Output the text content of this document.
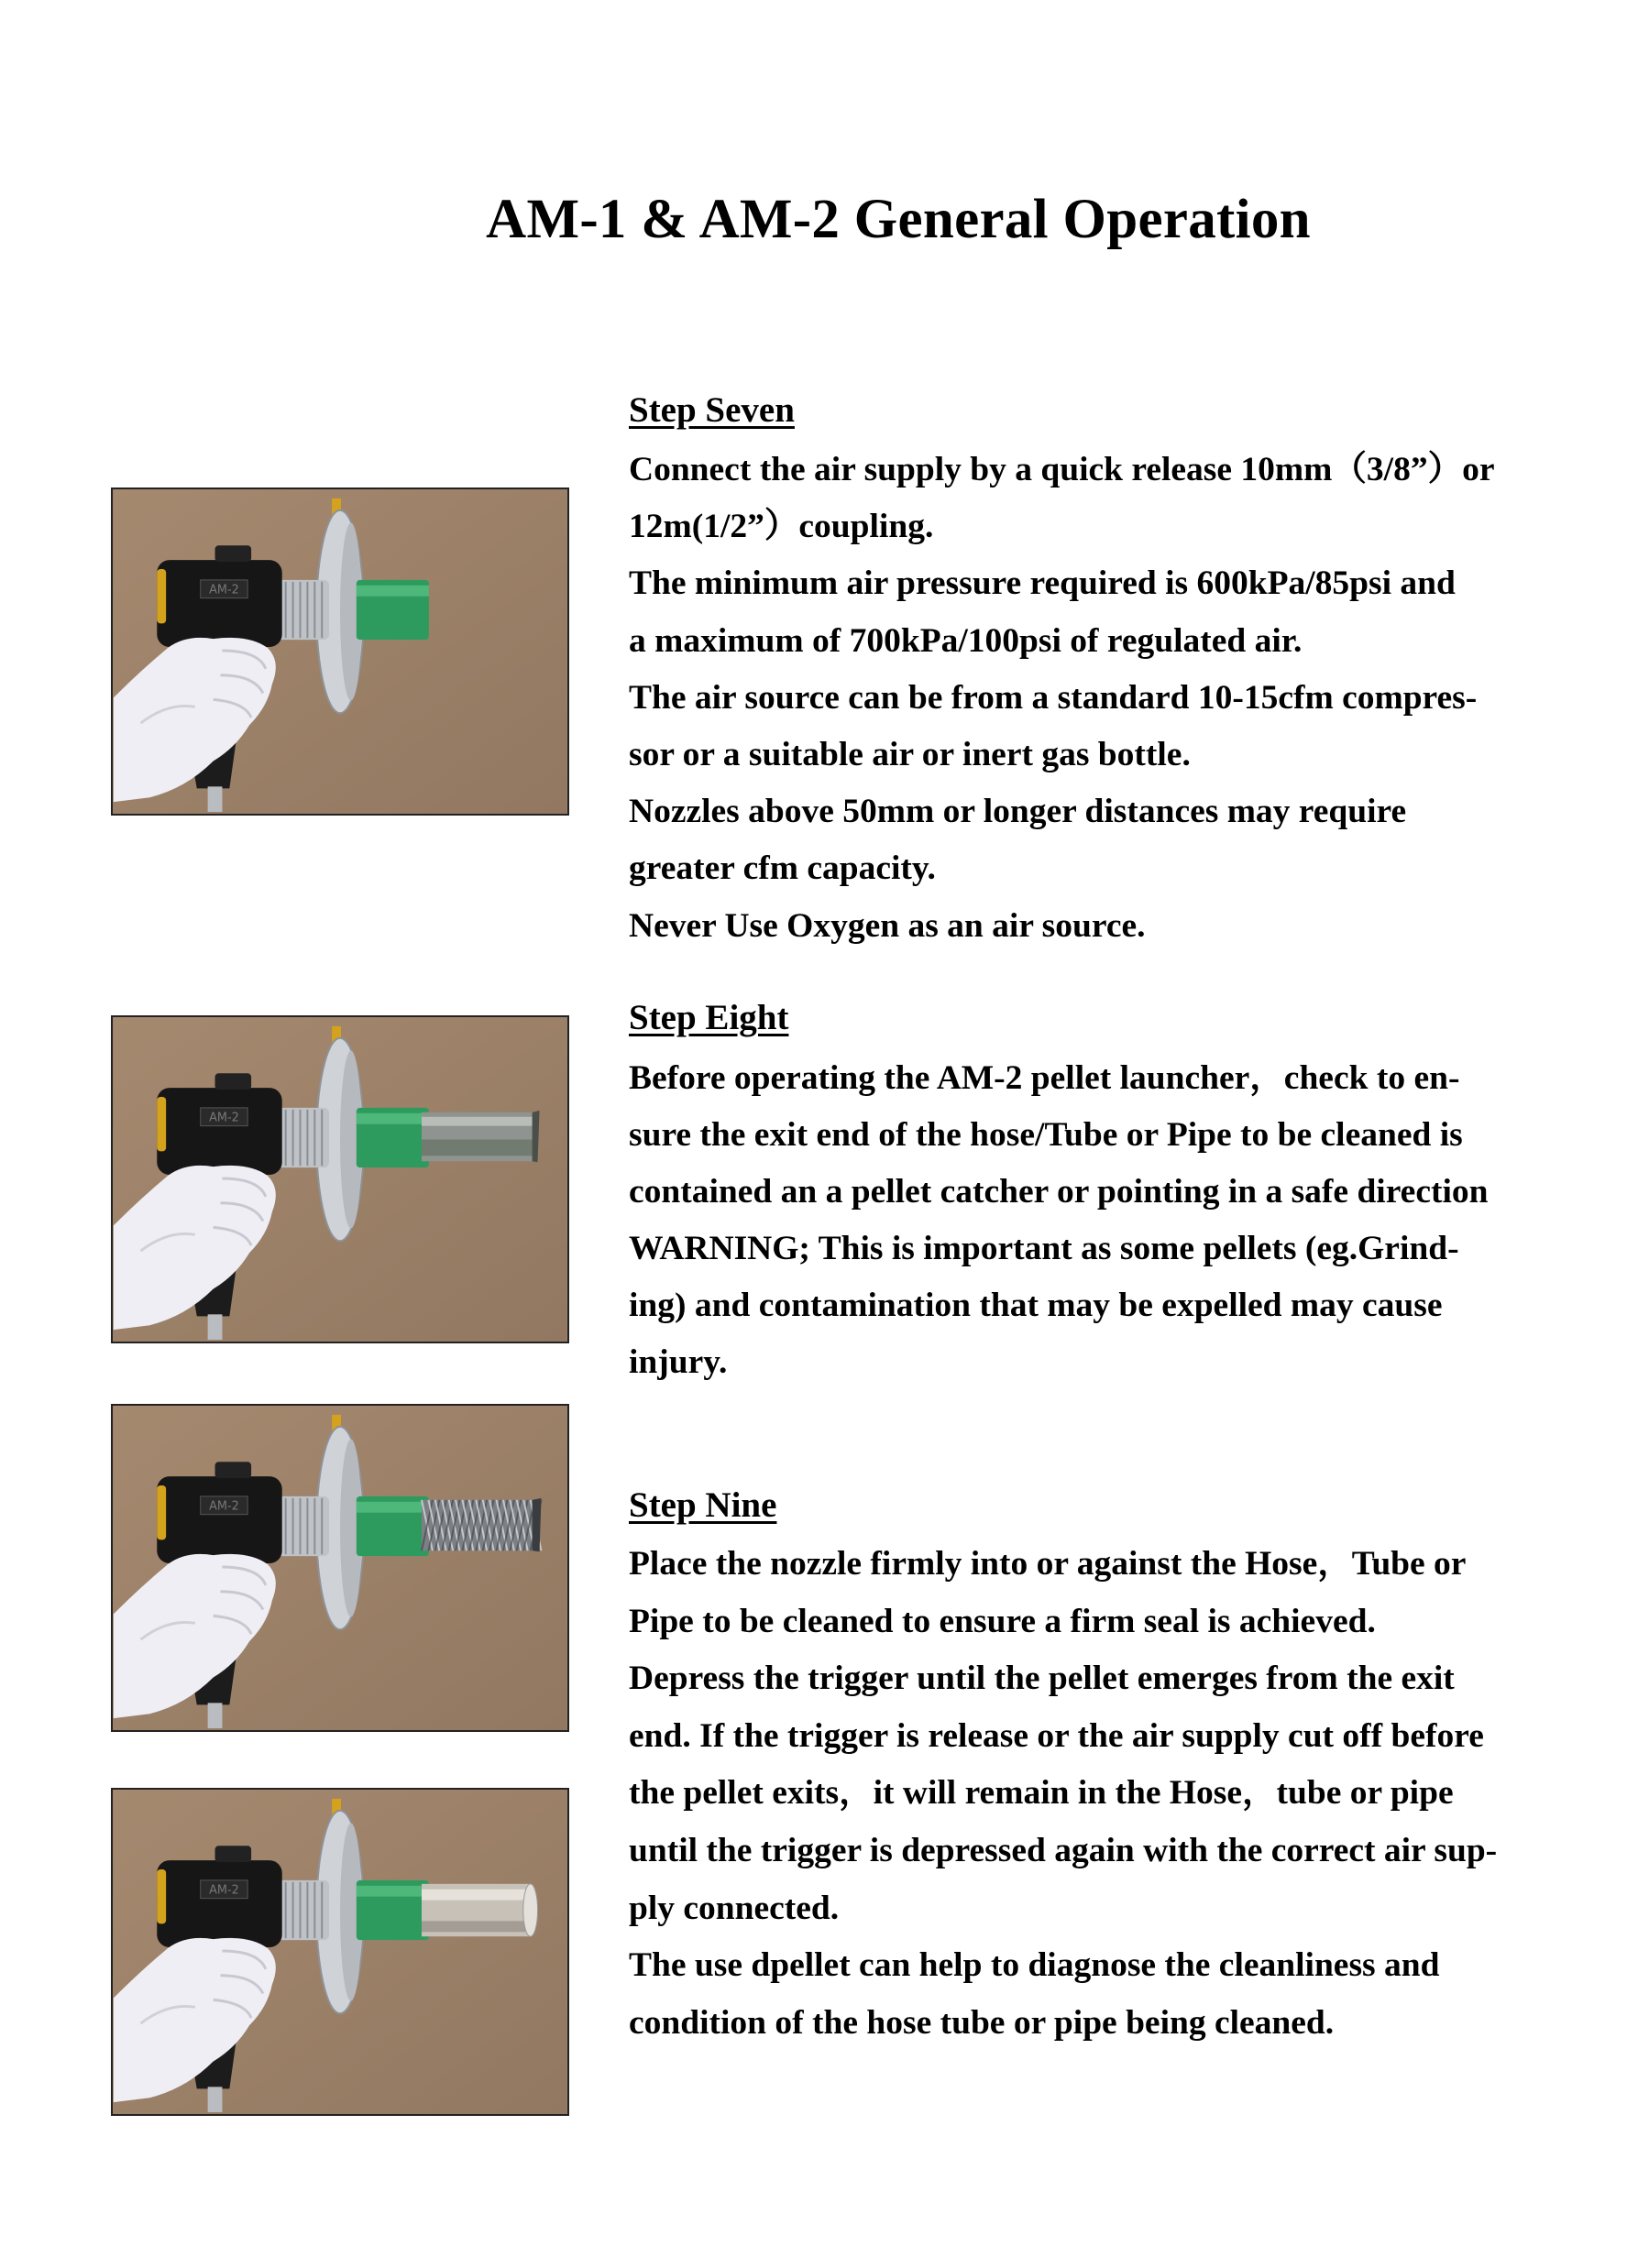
AM-1 & AM-2 General Operation
Step Seven
Connect the air supply by a quick release 10mm（3/8”）or
12m(1/2”）coupling.
The minimum air pressure required is 600kPa/85psi and
a maximum of 700kPa/100psi of regulated air.
The air source can be from a standard 10-15cfm compres-
sor or a suitable air or inert gas bottle.
Nozzles above 50mm or longer distances may require
greater cfm capacity.
Never Use Oxygen as an air source.
Step Eight
Before operating the AM-2 pellet launcher，check to en-
sure the exit end of the hose/Tube or Pipe to be cleaned is
contained an a pellet catcher or pointing in a safe direction
WARNING; This is important as some pellets (eg.Grind-
ing) and contamination that may be expelled may cause
injury.
Step Nine
Place the nozzle firmly into or against the Hose，Tube or
Pipe to be cleaned to ensure a firm seal is achieved.
Depress the trigger until the pellet emerges from the exit
end. If the trigger is release or the air supply cut off before
the pellet exits，it will remain in the Hose，tube or pipe
until the trigger is depressed again with the correct air sup-
ply connected.
The use dpellet can help to diagnose the cleanliness and
condition of the hose tube or pipe being cleaned.
AM-2
AM-2
AM-2
AM-2
